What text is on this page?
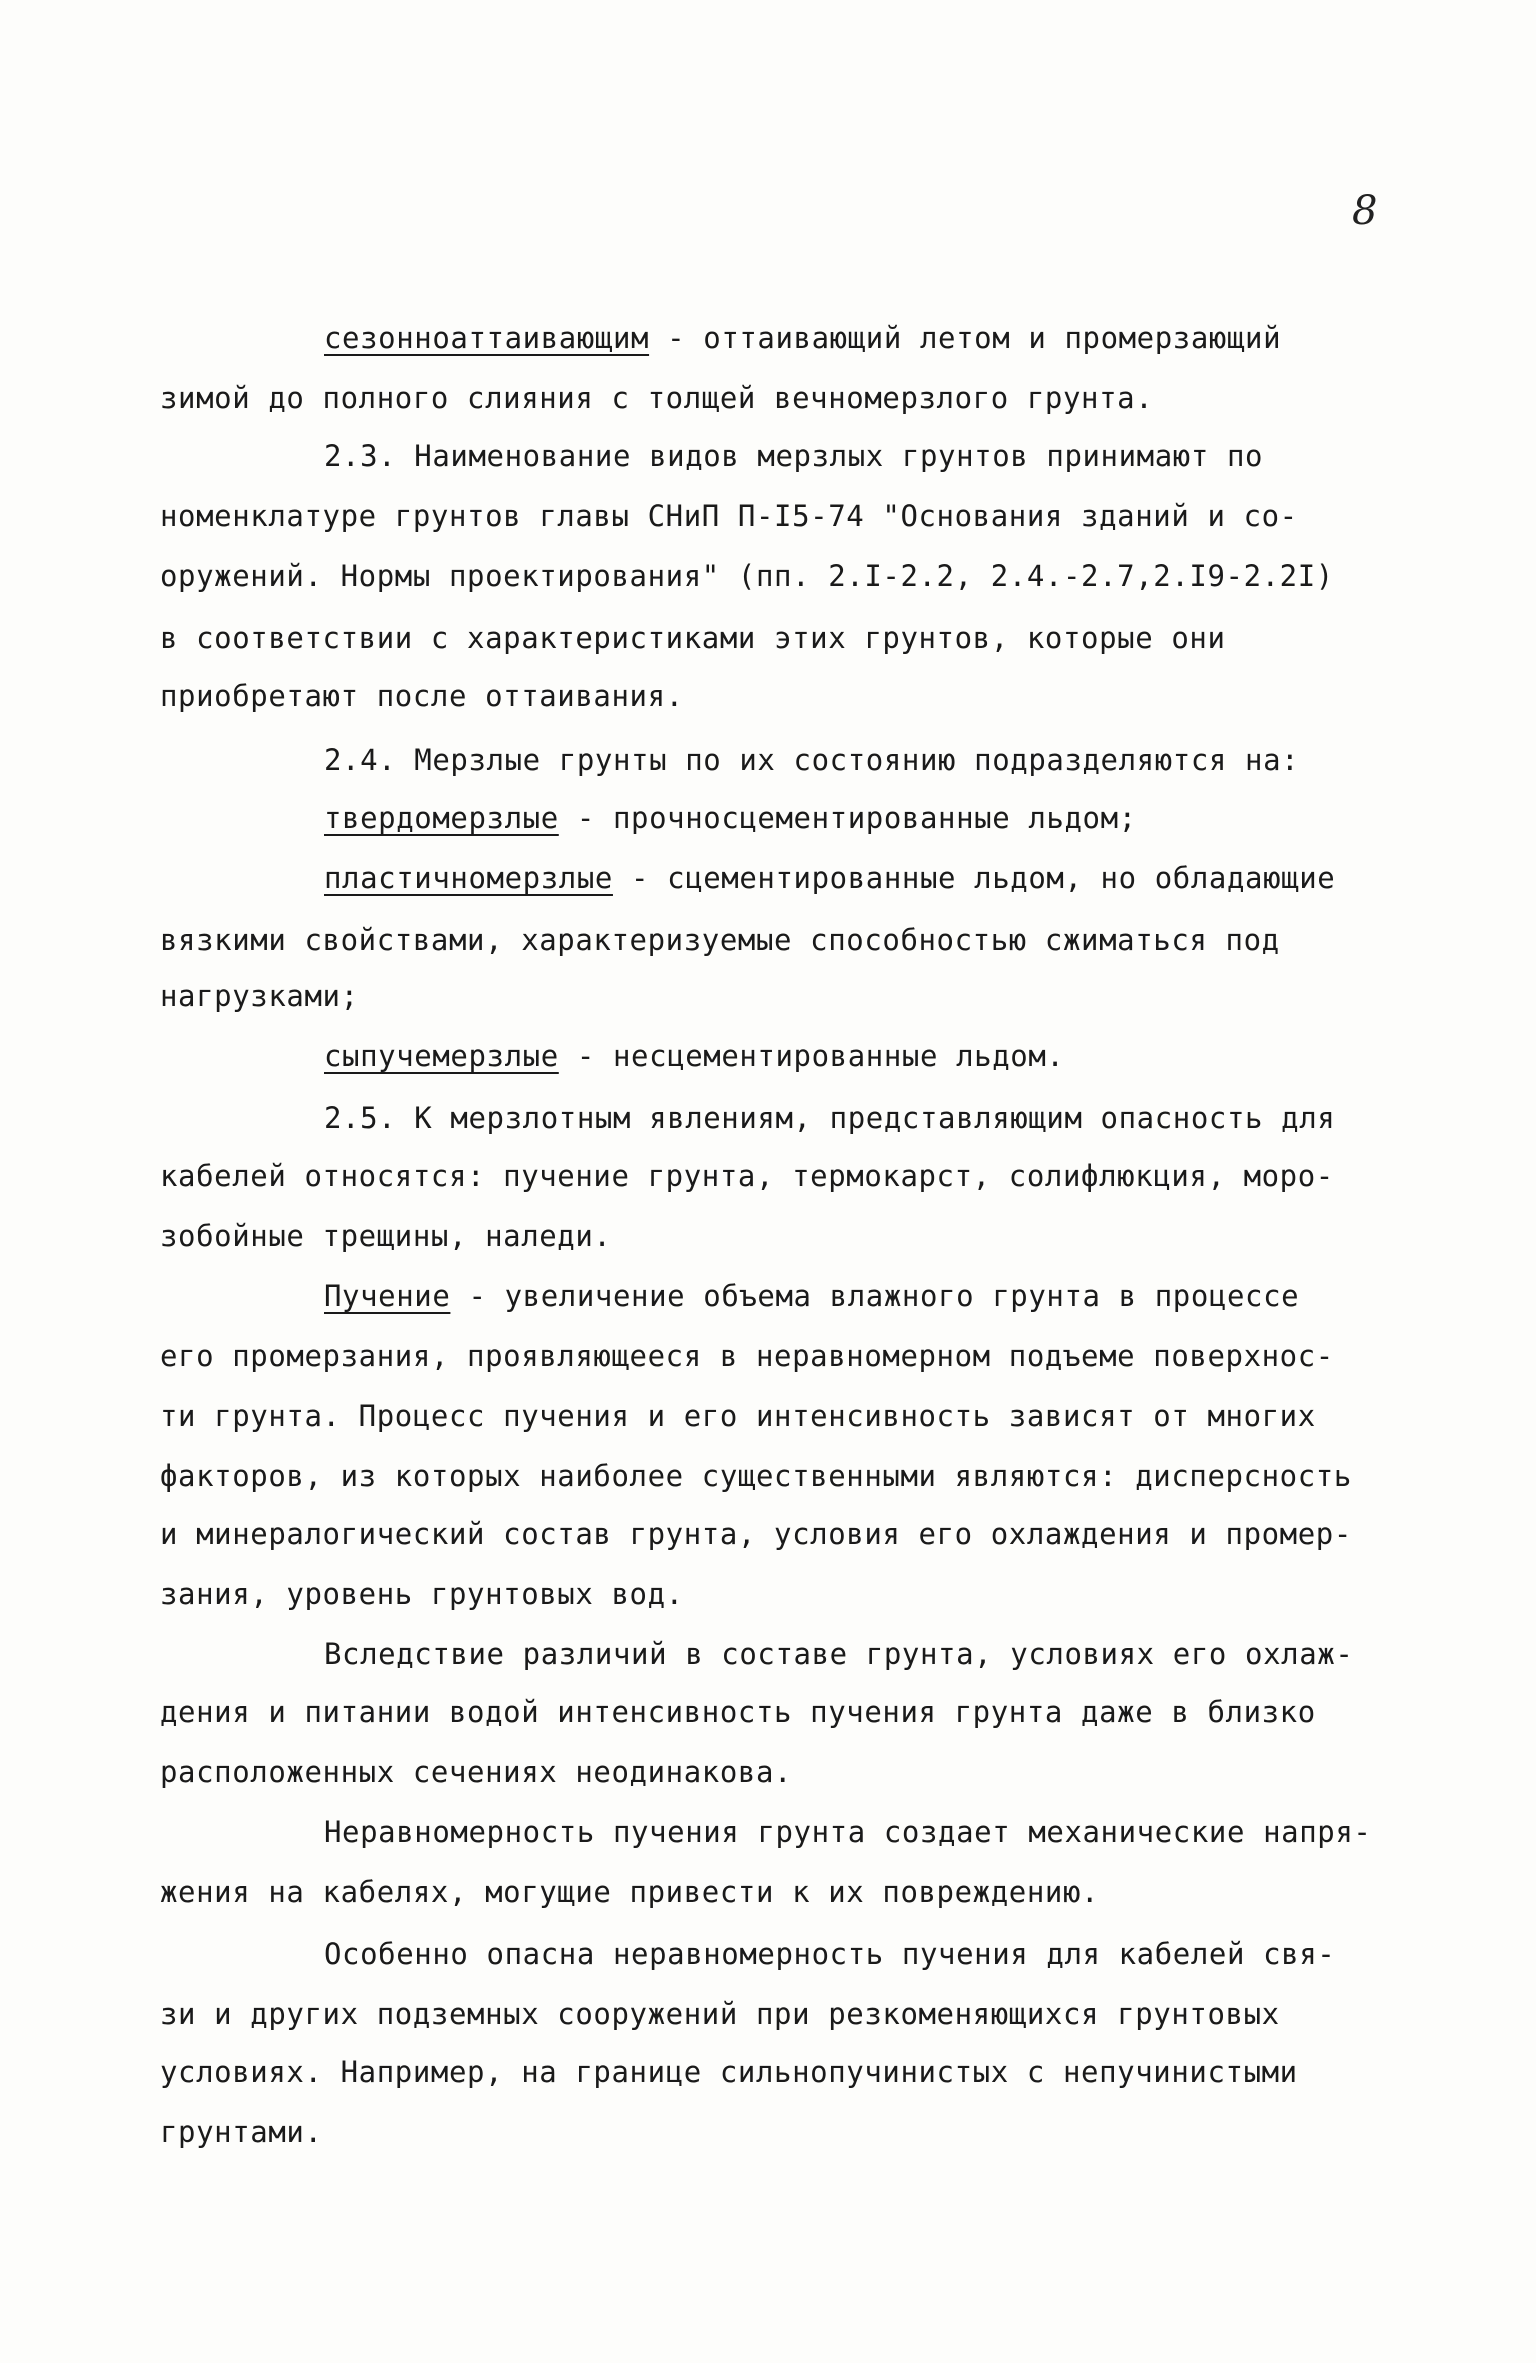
8
сезонноаттаивающим - оттаивающий летом и промерзающий
зимой до полного слияния с толщей вечномерзлого грунта.
2.3. Наименование видов мерзлых грунтов принимают по
номенклатуре грунтов главы СНиП П-I5-74 "Основания зданий и со-
оружений. Нормы проектирования" (пп. 2.I-2.2, 2.4.-2.7,2.I9-2.2I)
в соответствии с характеристиками этих грунтов, которые они
приобретают после оттаивания.
2.4. Мерзлые грунты по их состоянию подразделяются на:
твердомерзлые - прочносцементированные льдом;
пластичномерзлые - сцементированные льдом, но обладающие
вязкими свойствами, характеризуемые способностью сжиматься под
нагрузками;
сыпучемерзлые - несцементированные льдом.
2.5. К мерзлотным явлениям, представляющим опасность для
кабелей относятся: пучение грунта, термокарст, солифлюкция, моро-
зобойные трещины, наледи.
Пучение - увеличение объема влажного грунта в процессе
его промерзания, проявляющееся в неравномерном подъеме поверхнос-
ти грунта. Процесс пучения и его интенсивность зависят от многих
факторов, из которых наиболее существенными являются: дисперсность
и минералогический состав грунта, условия его охлаждения и промер-
зания, уровень грунтовых вод.
Вследствие различий в составе грунта, условиях его охлаж-
дения и питании водой интенсивность пучения грунта даже в близко
расположенных сечениях неодинакова.
Неравномерность пучения грунта создает механические напря-
жения на кабелях, могущие привести к их повреждению.
Особенно опасна неравномерность пучения для кабелей свя-
зи и других подземных сооружений при резкоменяющихся грунтовых
условиях. Например, на границе сильнопучинистых с непучинистыми
грунтами.
